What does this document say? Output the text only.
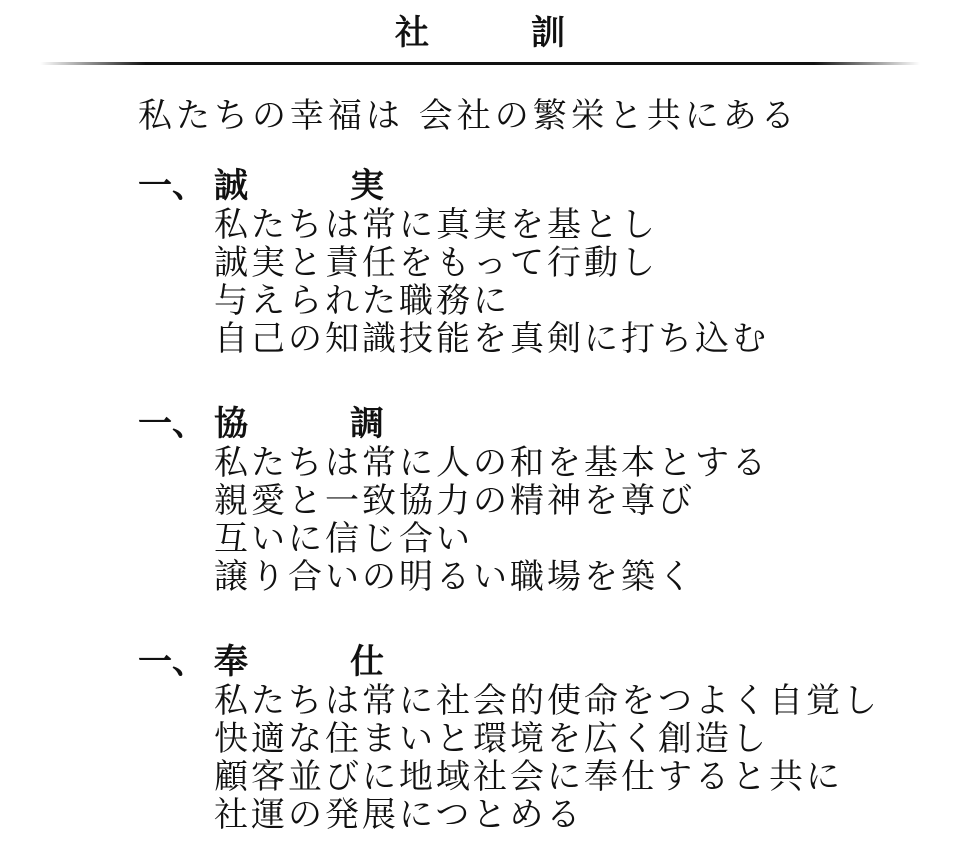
社　訓
私たちの幸福は 会社の繁栄と共にある
一、 誠　実
私たちは常に真実を基とし
誠実と責任をもって行動し
与えられた職務に
自己の知識技能を真剣に打ち込む
一、 協　調
私たちは常に人の和を基本とする
親愛と一致協力の精神を尊び
互いに信じ合い
譲り合いの明るい職場を築く
一、 奉　仕
私たちは常に社会的使命をつよく自覚し
快適な住まいと環境を広く創造し
顧客並びに地域社会に奉仕すると共に
社運の発展につとめる
